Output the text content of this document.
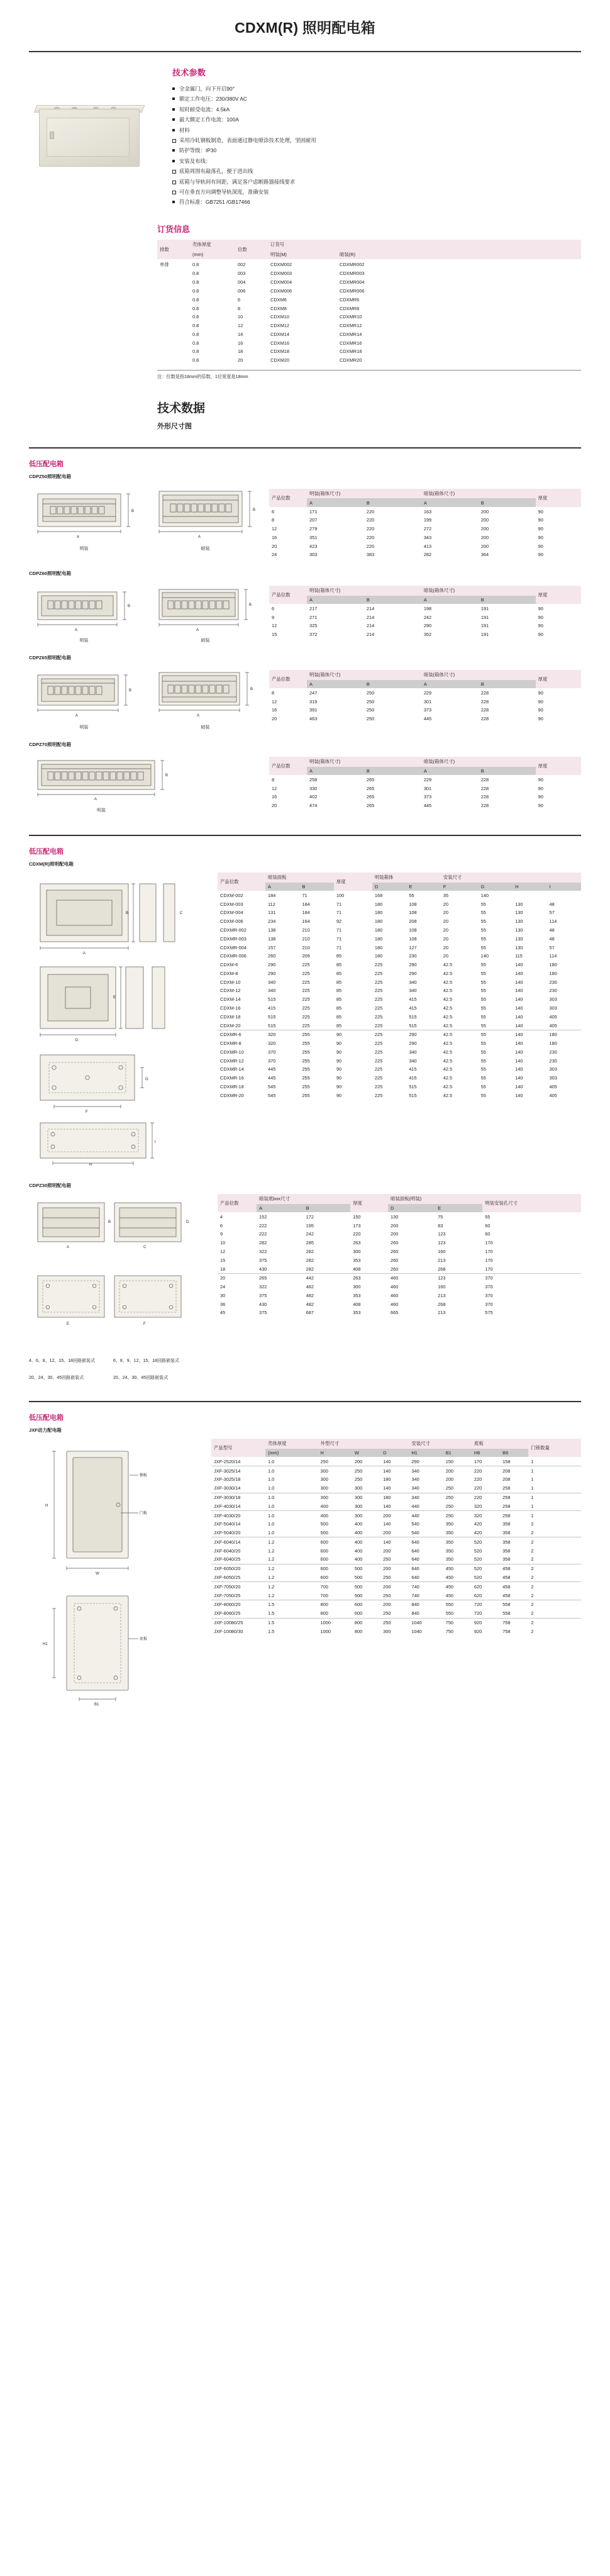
CDXM(R) 照明配电箱
技术参数
全金属门，向下开启90°
额定工作电压：230/380V AC
短时耐受电流：4.5kA
最大额定工作电流：100A
材料
采用冷轧钢板制造，表面通过静电喷涂技术处理，坚固耐用
防护等级：IP30
安装及布线：
底箱周围有敲落孔，便于进出线
底箱与导轨间有间距，满足客户虑断路器接线要求
可在垂直方向调整导轨深度，准确安装
符合标准：GB7251 /GB17466
订货信息
排数	壳体厚度	位数	订货号	
	(mm)		明装(M)	暗装(R)
单排	0.8	002	CDXM002	CDXMR002
	0.8	003	CDXM003	CDXMR003
	0.8	004	CDXM004	CDXMR004
	0.8	006	CDXM006	CDXMR006
	0.8	6	CDXM6	CDXMR6
	0.8	8	CDXM8	CDXMR8
	0.8	10	CDXM10	CDXMR10
	0.8	12	CDXM12	CDXMR12
	0.8	14	CDXM14	CDXMR14
	0.8	16	CDXM16	CDXMR16
	0.8	18	CDXM18	CDXMR18
	0.8	20	CDXM20	CDXMR20
注：位数是指18mm的倍数，1位宽度是18mm
技术数据
外形尺寸图
低压配电箱
CDPZ50照明配电箱
A
B
明装
A
B
暗装
产品位数	明装(箱体尺寸)		暗装(箱体尺寸)		厚度
	A	B	A	B	
6	171	220	163	200	90
8	207	220	199	200	90
12	279	220	272	200	90
16	351	220	343	200	90
20	423	220	413	200	90
24	303	383	282	364	90
CDPZ60照明配电箱
A
B
明装
A
B
暗装
产品位数	明装(箱体尺寸)		暗装(箱体尺寸)		厚度
	A	B	A	B	
6	217	214	198	191	90
9	271	214	242	191	90
12	325	214	290	191	90
15	372	214	352	191	90
CDPZ65照明配电箱
A
B
明装
A
B
暗装
产品位数	明装(箱体尺寸)		暗装(箱体尺寸)		厚度
	A	B	A	B	
8	247	250	229	228	90
12	319	250	301	228	90
16	391	250	373	228	90
20	463	250	445	228	90
CDPZ70照明配电箱
A
B
明装
产品位数	明装(箱体尺寸)		暗装(箱体尺寸)		厚度
	A	B	A	B	
8	258	265	229	228	90
12	330	265	301	228	90
16	402	265	373	228	90
20	474	265	445	228	90
低压配电箱
CDXM(R)照明配电箱
A
B	C
D
E
F
G
H
I
产品位数	暗装面板		厚度	明装箱体		安装尺寸			
	A	B		D	E	F	G	H	I
CDXM-002	184	71	100	168	55	35	140		
CDXM-003	112	184	71	180	108	20	55	130	48
CDXM-004	131	184	71	180	108	20	55	130	57
CDXM-006	234	164	92	180	208	20	55	130	114
CDXMR-002	138	210	71	180	108	20	55	130	48
CDXMR-003	138	210	71	180	108	20	55	130	48
CDXMR-004	157	210	71	180	127	20	55	130	57
CDXMR-006	260	209	85	180	230	20	140	115	114
CDXM-6	290	225	85	225	290	42.5	55	140	180
CDXM-8	290	225	85	225	290	42.5	55	140	180
CDXM-10	340	225	85	225	340	42.5	55	140	230
CDXM-12	340	225	85	225	340	42.5	55	140	230
CDXM-14	515	225	85	225	415	42.5	55	140	303
CDXM-16	415	225	85	225	415	42.5	55	140	303
CDXM-18	515	225	85	225	515	42.5	55	140	405
CDXM-20	515	225	85	225	515	42.5	55	140	405
CDXMR-6	320	255	90	225	290	42.5	55	140	180
CDXMR-8	320	255	90	225	290	42.5	55	140	180
CDXMR-10	370	255	90	225	340	42.5	55	140	230
CDXMR-12	370	255	90	225	340	42.5	55	140	230
CDXMR-14	445	255	90	225	415	42.5	55	140	303
CDXMR-16	445	255	90	225	415	42.5	55	140	303
CDXMR-18	545	255	90	225	515	42.5	55	140	405
CDXMR-20	545	255	90	225	515	42.5	55	140	405
CDPZ30照明配电箱
A
B
C
D
E	F
4、6、8、12、15、18回路嵌装式	6、8、9、12、15、18回路嵌装式
20、24、30、45回路嵌装式	20、24、30、45回路嵌装式
产品位数	暗装底box尺寸		厚度	暗装面板(明装)		明装安装孔尺寸
	A	B		D	E	
4	152	172	150	130	75	55
6	222	195	173	200	83	60
9	222	242	220	200	123	60
10	282	285	263	260	123	170
12	322	282	300	260	160	170
15	375	282	353	260	213	170
18	430	282	408	260	268	170
20	265	442	263	460	123	370
24	322	482	300	460	160	370
30	375	482	353	460	213	370
36	430	482	408	460	268	370
45	375	687	353	665	213	575
低压配电箱
JXF动力配电箱
H
W
侧板
门板
H1
B1
底板
产品型号	壳体厚度	外型尺寸			安装尺寸		底板		门锁数量
	(mm)	H	W	D	H1	B1	H6	B6	
JXF-2520/14	1.0	250	200	140	290	150	170	158	1
JXF-3025/14	1.0	300	250	140	340	200	220	208	1
JXF-3025/18	1.0	300	250	180	340	200	220	208	1
JXF-3030/14	1.0	300	300	140	340	250	220	258	1
JXF-3030/18	1.0	300	300	180	340	250	220	258	1
JXF-4030/14	1.0	400	300	140	440	250	320	258	1
JXF-4030/20	1.0	400	300	200	440	250	320	258	1
JXF-5040/14	1.0	500	400	140	540	350	420	358	2
JXF-5040/20	1.0	500	400	200	540	350	420	358	2
JXF-6040/14	1.2	600	400	140	640	350	520	358	2
JXF-6040/20	1.2	600	400	200	640	350	520	358	2
JXF-6040/25	1.2	600	400	250	640	350	520	358	2
JXF-6050/20	1.2	600	500	200	640	450	520	458	2
JXF-6050/25	1.2	600	500	250	640	450	520	458	2
JXF-7050/20	1.2	700	500	200	740	450	620	458	2
JXF-7050/25	1.2	700	500	250	740	450	620	458	2
JXF-8060/20	1.5	800	600	200	840	550	720	558	2
JXF-8060/25	1.5	800	600	250	840	550	720	558	2
JXF-10080/25	1.5	1000	800	250	1040	750	920	758	2
JXF-10080/30	1.5	1000	800	300	1040	750	920	758	2
